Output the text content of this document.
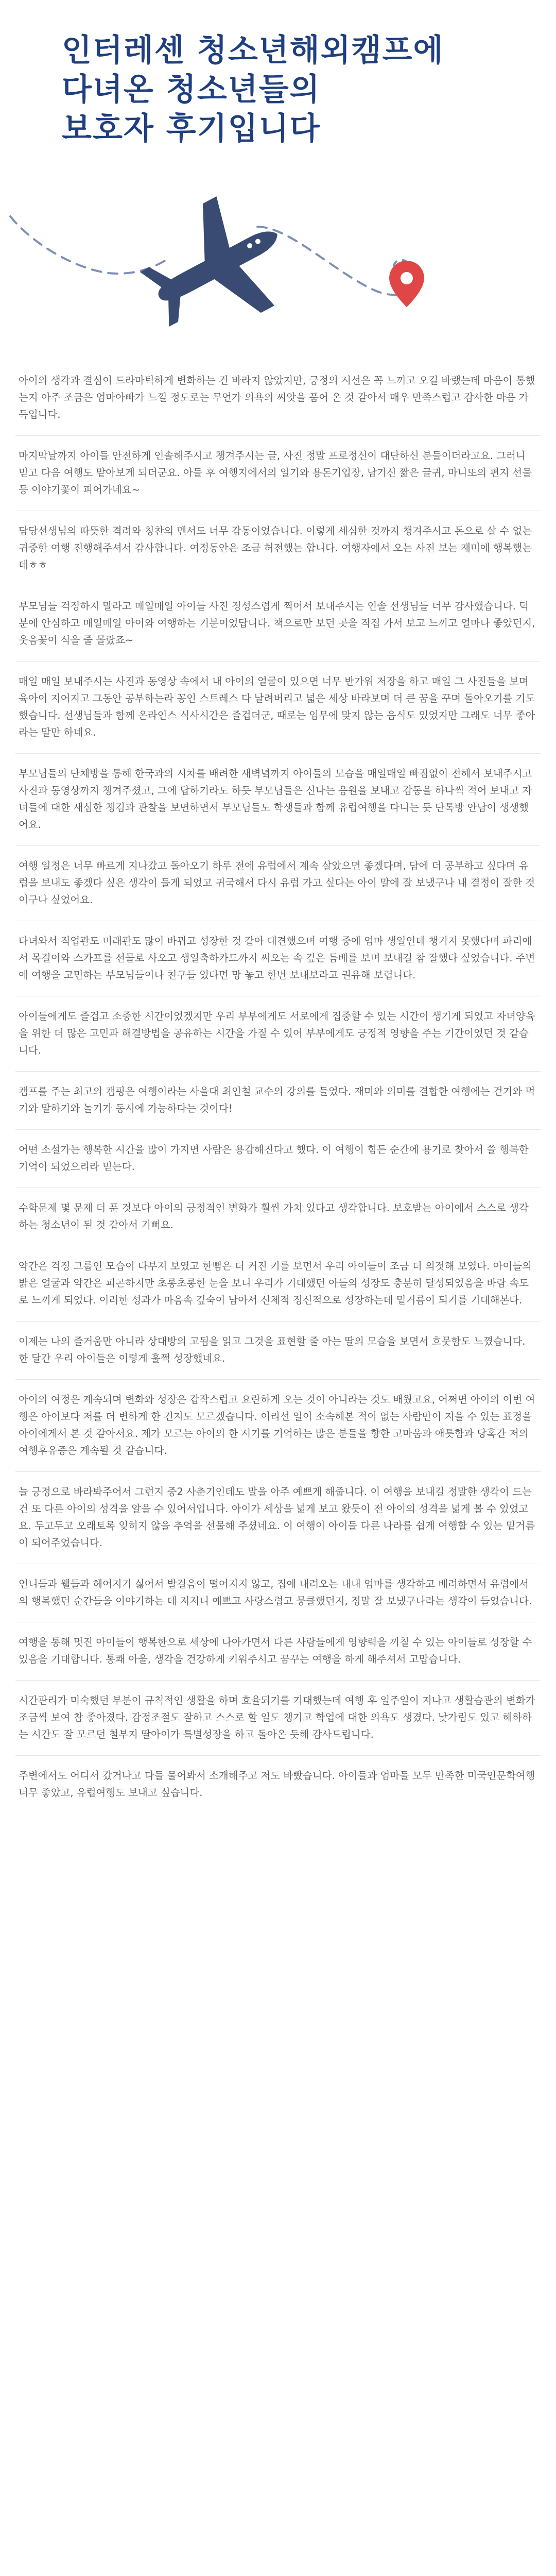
인터레센 청소년해외캠프에
다녀온 청소년들의
보호자 후기입니다

아이의 생각과 결심이 드라마틱하게 변화하는 건 바라지 않았지만, 긍정의 시선은 꼭 느끼고 오길 바랬는데 마음이 통했는지 아주 조금은 엄마아빠가 느낄 정도로는 무언가 의욕의 씨앗을 품어 온 것 같아서 매우 만족스럽고 감사한 마음 가득입니다.

마지막날까지 아이들 안전하게 인솔해주시고 챙겨주시는 글, 사진 정말 프로정신이 대단하신 분들이더라고요. 그러니 믿고 다음 여행도 맡아보게 되더군요. 아들 후 여행지에서의 일기와 용돈기입장, 남기신 짧은 글귀, 마니또의 편지 선물 등 이야기꽃이 피어가네요~

담당선생님의 따뜻한 격려와 칭찬의 멘서도 너무 감동이었습니다. 이렇게 세심한 것까지 챙겨주시고 돈으로 살 수 없는 귀중한 여행 진행해주셔서 감사합니다. 여정동안은 조금 허전했는 합니다. 여행자에서 오는 사진 보는 재미에 행복했는데ㅎㅎ

부모님들 걱정하지 말라고 매일매일 아이들 사진 정성스럽게 찍어서 보내주시는 인솔 선생님들 너무 감사했습니다. 덕분에 안심하고 매일매일 아이와 여행하는 기분이었답니다. 책으로만 보던 곳을 직접 가서 보고 느끼고 얼마나 좋았던지, 웃음꽃이 식을 줄 몰랐죠~

매일 매일 보내주시는 사진과 동영상 속에서 내 아이의 얼굴이 있으면 너무 반가워 저장을 하고 매일 그 사진들을 보며 육아이 지어지고 그동안 공부하는라 꽁인 스트레스 다 날려버리고 넓은 세상 바라보며 더 큰 꿈을 꾸며 돌아오기를 기도했습니다. 선생님들과 함께 온라인스 식사시간은 즐겁더군, 때로는 임무에 맞지 않는 음식도 있었지만 그래도 너무 좋아라는 말만 하네요.

부모님들의 단체방을 통해 한국과의 시차를 배려한 새벽녘까지 아이들의 모습을 매일매일 빠짐없이 전해서 보내주시고 사진과 동영상까지 챙겨주셨고, 그에 답하기라도 하듯 부모님들은 신나는 응원을 보내고 감동을 하나씩 적어 보내고 자녀들에 대한 새심한 챙김과 관찰을 보면하면서 부모님들도 학생들과 함께 유럽여행을 다니는 듯 단톡방 안남이 생생했어요.

여행 일정은 너무 빠르게 지나갔고 돌아오기 하루 전에 유럽에서 계속 살았으면 좋겠다며, 담에 더 공부하고 싶다며 유럽을 보내도 좋겠다 싶은 생각이 들게 되었고 귀국해서 다시 유럽 가고 싶다는 아이 말에 잘 보냈구나 내 결정이 잘한 것이구나 싶었어요.

다녀와서 직업관도 미래관도 많이 바뀌고 성장한 것 같아 대견했으며 여행 중에 엄마 생일인데 챙기지 못했다며 파리에서 목걸이와 스카프를 선물로 사오고 생일축하카드까지 써오는 속 깊은 듬배를 보며 보내길 참 잘했다 싶었습니다. 주변에 여행을 고민하는 부모님들이나 친구들 있다면 망 놓고 한번 보내보라고 권유해 보렵니다.

아이들에게도 즐겁고 소중한 시간이었겠지만 우리 부부에게도 서로에게 집중할 수 있는 시간이 생기게 되었고 자녀양육을 위한 더 많은 고민과 해결방법을 공유하는 시간을 가질 수 있어 부부에게도 긍정적 영향을 주는 기간이었던 것 같습니다.

캠프를 주는 최고의 캠핑은 여행이라는 사을대 최인철 교수의 강의를 들었다. 재미와 의미를 결합한 여행에는 걷기와 먹기와 말하기와 놀기가 동시에 가능하다는 것이다!

어떤 소설가는 행복한 시간을 많이 가지면 사람은 용감해진다고 했다. 이 여행이 힘든 순간에 용기로 찾아서 쓸 행복한 기억이 되었으리라 믿는다.

수학문제 몇 문제 더 푼 것보다 아이의 긍정적인 변화가 훨씬 가치 있다고 생각합니다. 보호받는 아이에서 스스로 생각하는 청소년이 된 것 같아서 기뻐요.

약간은 걱정 그룹인 모습이 다부져 보였고 한뼘은 더 커진 키를 보면서 우리 아이들이 조금 더 의젓해 보였다. 아이들의 밝은 얼굴과 약간은 피곤하지만 초롱초롱한 눈을 보니 우리가 기대했던 아들의 성장도 충분히 달성되었음을 바람 속도로 느끼게 되었다. 이러한 성과가 마음속 깊숙이 남아서 신체적 정신적으로 성장하는데 밑거름이 되기를 기대해본다.

이제는 나의 즐거움만 아니라 상대방의 고됨을 읽고 그것을 표현할 줄 아는 딸의 모습을 보면서 흐뭇함도 느꼈습니다. 한 달간 우리 아이들은 이렇게 훌쩍 성장했네요.

아이의 여정은 계속되며 변화와 성장은 갑작스럽고 요란하게 오는 것이 아니라는 것도 배웠고요, 어쩌면 아이의 이번 여행은 아이보다 저를 더 변하게 한 건지도 모르겠습니다. 이리선 일이 소속해본 적이 없는 사람만이 지을 수 있는 표정을 아이에게서 본 것 같아서요. 제가 모르는 아이의 한 시기를 기억하는 많은 분들을 향한 고마움과 애틋함과 당혹간 저의 여행후유증은 계속될 것 같습니다.

늘 긍정으로 바라봐주어서 그런지 중2 사춘기인데도 말을 아주 예쁘게 해줍니다. 이 여행을 보내길 정말한 생각이 드는 건 또 다른 아이의 성격을 알을 수 있어서입니다. 아이가 세상을 넓게 보고 왔듯이 전 아이의 성격을 넓게 볼 수 있었고요. 두고두고 오래토록 잊히지 않을 추억을 선물해 주셨네요. 이 여행이 아이들 다른 나라를 쉽게 여행할 수 있는 밑거름이 되어주었습니다.

언니들과 웰들과 헤어지기 싫어서 발걸음이 떨어지지 않고, 집에 내려오는 내내 엄마를 생각하고 배려하면서 유럽에서의 행복했던 순간들을 이야기하는 데 저저니 예쁘고 사랑스럽고 뭉클했던지, 정말 잘 보냈구나라는 생각이 들었습니다.

여행을 통해 멋진 아이들이 행복한으로 세상에 나아가면서 다른 사람들에게 영향력을 끼칠 수 있는 아이들로 성장할 수 있음을 기대합니다. 통쾌 아울, 생각을 건강하게 키워주시고 꿈꾸는 여행을 하게 해주셔서 고맙습니다.

시간관리가 미숙했던 부분이 규칙적인 생활을 하며 효율되기를 기대했는데 여행 후 일주일이 지나고 생활습관의 변화가 조금씩 보여 참 좋아졌다. 감정조절도 잘하고 스스로 할 일도 챙기고 학업에 대한 의욕도 생겼다. 낯가림도 있고 해하하는 시간도 잘 모르던 철부지 딸아이가 특별성장을 하고 돌아온 듯해 감사드립니다.

주변에서도 어디서 갔거나고 다들 물어봐서 소개해주고 저도 바빴습니다. 아이들과 엄마들 모두 만족한 미국인문학여행 너무 좋았고, 유럽여행도 보내고 싶습니다.
